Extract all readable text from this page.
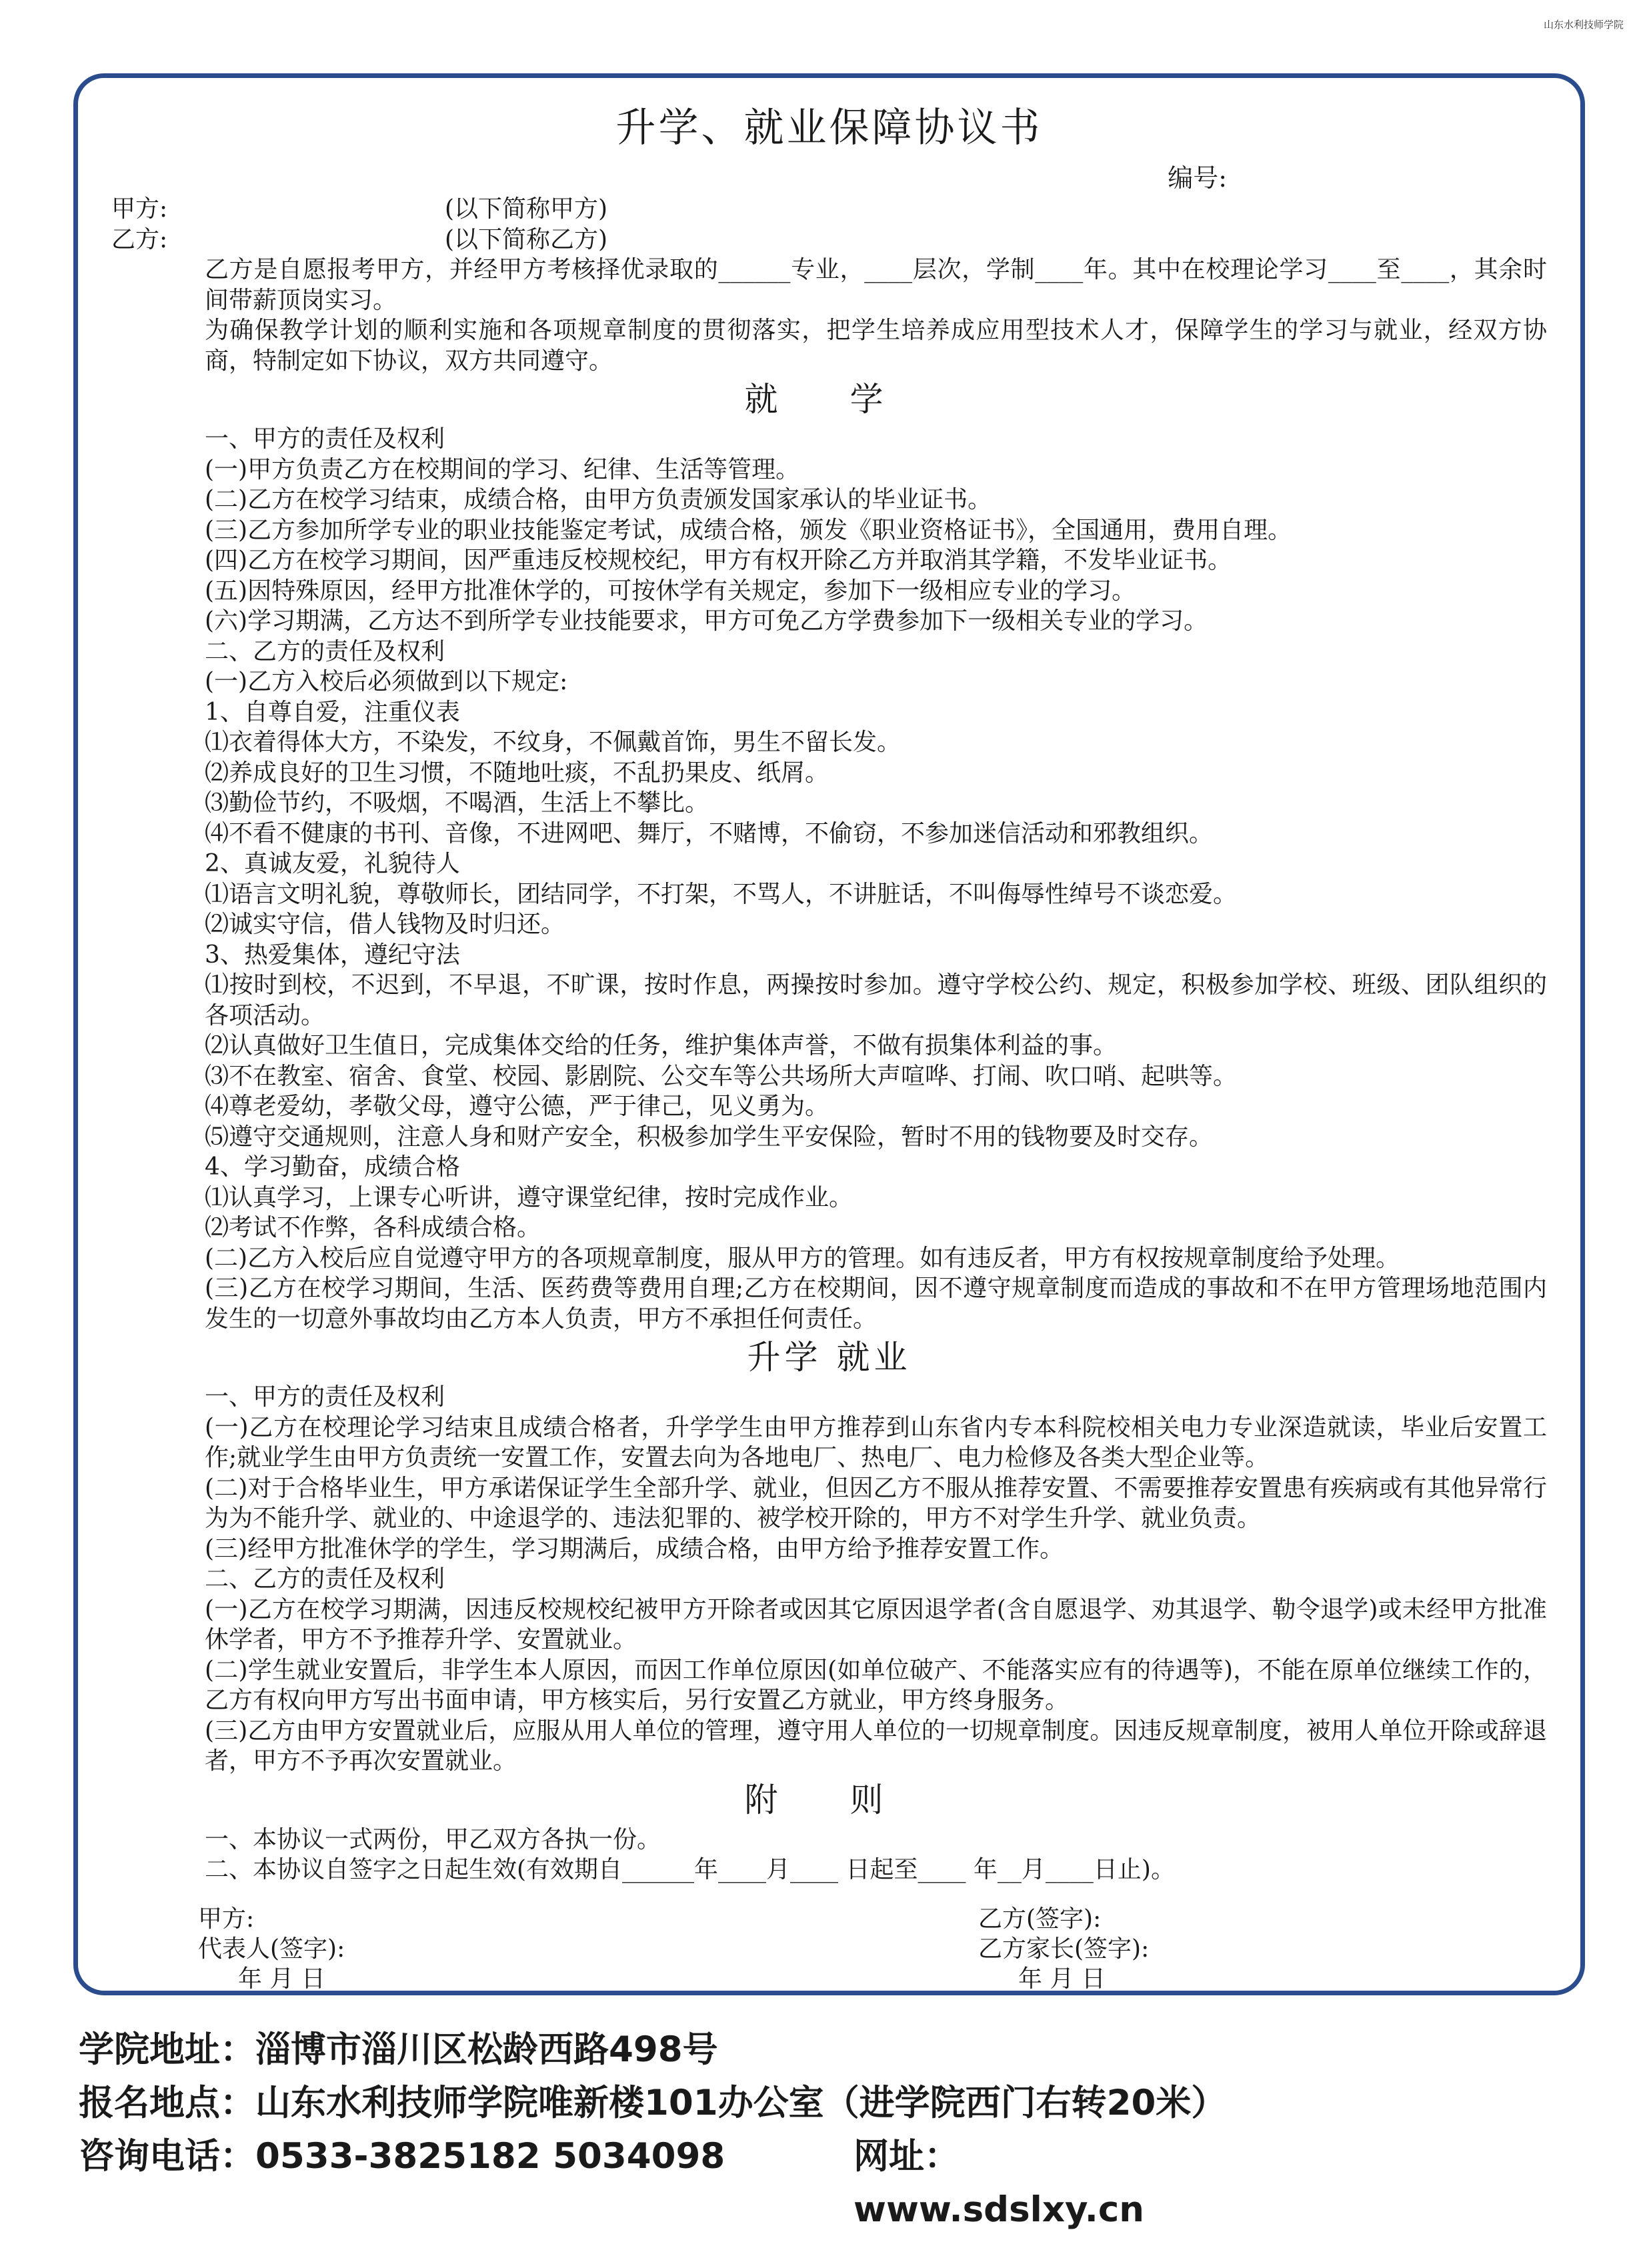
山东水利技师学院
升学、就业保障协议书
编号:
甲方:	(以下简称甲方)
乙方:	(以下简称乙方)
乙方是自愿报考甲方，并经甲方考核择优录取的______专业，____层次，学制____年。其中在校理论学习____至____，其余时间带薪顶岗实习。
为确保教学计划的顺利实施和各项规章制度的贯彻落实，把学生培养成应用型技术人才，保障学生的学习与就业，经双方协商，特制定如下协议，双方共同遵守。
就 学
一、甲方的责任及权利
(一)甲方负责乙方在校期间的学习、纪律、生活等管理。
(二)乙方在校学习结束，成绩合格，由甲方负责颁发国家承认的毕业证书。
(三)乙方参加所学专业的职业技能鉴定考试，成绩合格，颁发《职业资格证书》，全国通用，费用自理。
(四)乙方在校学习期间，因严重违反校规校纪，甲方有权开除乙方并取消其学籍，不发毕业证书。
(五)因特殊原因，经甲方批准休学的，可按休学有关规定，参加下一级相应专业的学习。
(六)学习期满，乙方达不到所学专业技能要求，甲方可免乙方学费参加下一级相关专业的学习。
二、乙方的责任及权利
(一)乙方入校后必须做到以下规定:
1、自尊自爱，注重仪表
⑴衣着得体大方，不染发，不纹身，不佩戴首饰，男生不留长发。
⑵养成良好的卫生习惯，不随地吐痰，不乱扔果皮、纸屑。
⑶勤俭节约，不吸烟，不喝酒，生活上不攀比。
⑷不看不健康的书刊、音像，不进网吧、舞厅，不赌博，不偷窃，不参加迷信活动和邪教组织。
2、真诚友爱，礼貌待人
⑴语言文明礼貌，尊敬师长，团结同学，不打架，不骂人，不讲脏话，不叫侮辱性绰号不谈恋爱。
⑵诚实守信，借人钱物及时归还。
3、热爱集体，遵纪守法
⑴按时到校，不迟到，不早退，不旷课，按时作息，两操按时参加。遵守学校公约、规定，积极参加学校、班级、团队组织的各项活动。
⑵认真做好卫生值日，完成集体交给的任务，维护集体声誉，不做有损集体利益的事。
⑶不在教室、宿舍、食堂、校园、影剧院、公交车等公共场所大声喧哗、打闹、吹口哨、起哄等。
⑷尊老爱幼，孝敬父母，遵守公德，严于律己，见义勇为。
⑸遵守交通规则，注意人身和财产安全，积极参加学生平安保险，暂时不用的钱物要及时交存。
4、学习勤奋，成绩合格
⑴认真学习，上课专心听讲，遵守课堂纪律，按时完成作业。
⑵考试不作弊，各科成绩合格。
(二)乙方入校后应自觉遵守甲方的各项规章制度，服从甲方的管理。如有违反者，甲方有权按规章制度给予处理。
(三)乙方在校学习期间，生活、医药费等费用自理;乙方在校期间，因不遵守规章制度而造成的事故和不在甲方管理场地范围内发生的一切意外事故均由乙方本人负责，甲方不承担任何责任。
升学 就业
一、甲方的责任及权利
(一)乙方在校理论学习结束且成绩合格者，升学学生由甲方推荐到山东省内专本科院校相关电力专业深造就读，毕业后安置工作;就业学生由甲方负责统一安置工作，安置去向为各地电厂、热电厂、电力检修及各类大型企业等。
(二)对于合格毕业生，甲方承诺保证学生全部升学、就业，但因乙方不服从推荐安置、不需要推荐安置患有疾病或有其他异常行为为不能升学、就业的、中途退学的、违法犯罪的、被学校开除的，甲方不对学生升学、就业负责。
(三)经甲方批准休学的学生，学习期满后，成绩合格，由甲方给予推荐安置工作。
二、乙方的责任及权利
(一)乙方在校学习期满，因违反校规校纪被甲方开除者或因其它原因退学者(含自愿退学、劝其退学、勒令退学)或未经甲方批准休学者，甲方不予推荐升学、安置就业。
(二)学生就业安置后，非学生本人原因，而因工作单位原因(如单位破产、不能落实应有的待遇等)，不能在原单位继续工作的，乙方有权向甲方写出书面申请，甲方核实后，另行安置乙方就业，甲方终身服务。
(三)乙方由甲方安置就业后，应服从用人单位的管理，遵守用人单位的一切规章制度。因违反规章制度，被用人单位开除或辞退者，甲方不予再次安置就业。
附 则
一、本协议一式两份，甲乙双方各执一份。
二、本协议自签字之日起生效(有效期自______年____月____ 日起至____ 年__月____日止)。
甲方:
代表人(签字):
年 月 日
乙方(签字):
乙方家长(签字):
年 月 日
学院地址：淄博市淄川区松龄西路498号
报名地点：山东水利技师学院唯新楼101办公室（进学院西门右转20米）
咨询电话：0533-3825182 5034098	网址：www.sdslxy.cn
